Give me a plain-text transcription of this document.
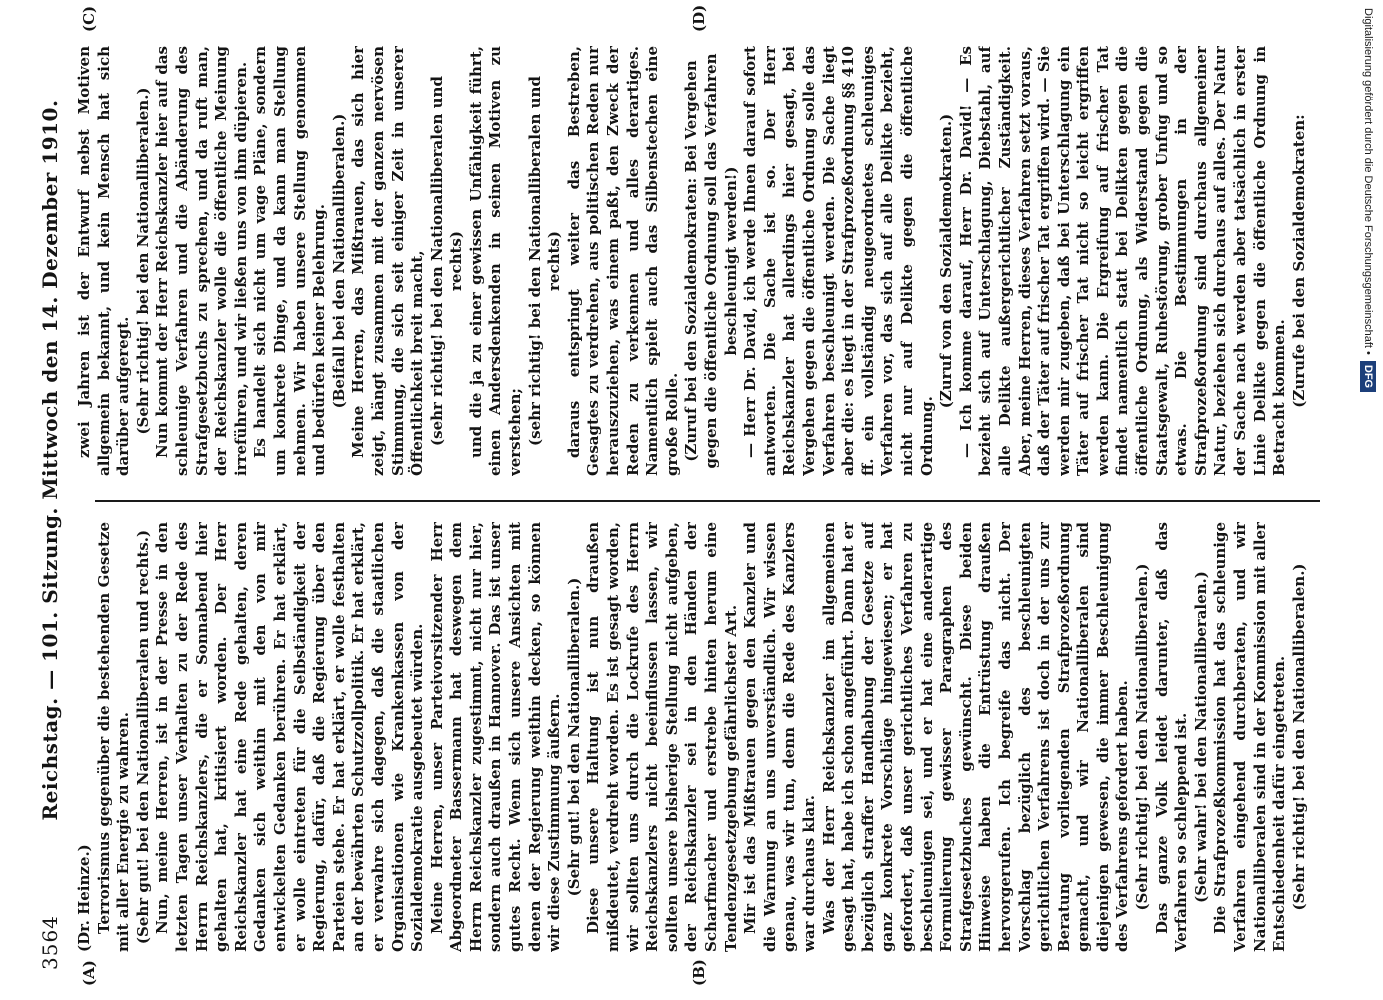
3564
Reichstag. — 101. Sitzung. Mittwoch den 14. Dezember 1910.
(A)	(B)
(C)	(D)

(Dr. Heinze.) Terrorismus gegenüber die bestehenden Gesetze mit aller Energie zu wahren. (Sehr gut! bei den Nationalliberalen und rechts.) Nun, meine Herren, ist in der Presse in den letzten Tagen unser Verhalten zu der Rede des Herrn Reichskanzlers, die er Sonnabend hier gehalten hat, kritisiert worden. Der Herr Reichskanzler hat eine Rede gehalten, deren Gedanken sich weithin mit den von mir entwickelten Gedanken berühren. Er hat erklärt, er wolle eintreten für die Selbständigkeit der Regierung, dafür, daß die Regierung über den Parteien stehe. Er hat erklärt, er wolle festhalten an der bewährten Schutzzollpolitik. Er hat erklärt, er verwahre sich dagegen, daß die staatlichen Organisationen wie Krankenkassen von der Sozialdemokratie ausgebeutet würden. Meine Herren, unser Parteivorsitzender Herr Abgeordneter Bassermann hat deswegen dem Herrn Reichskanzler zugestimmt, nicht nur hier, sondern auch draußen in Hannover. Das ist unser gutes Recht. Wenn sich unsere Ansichten mit denen der Regierung weithin decken, so können wir diese Zustimmung äußern. (Sehr gut! bei den Nationalliberalen.) Diese unsere Haltung ist nun draußen mißdeutet, verdreht worden. Es ist gesagt worden, wir sollten uns durch die Lockrufe des Herrn Reichskanzlers nicht beeinflussen lassen, wir sollten unsere bisherige Stellung nicht aufgeben, der Reichskanzler sei in den Händen der Scharfmacher und erstrebe hinten herum eine Tendenzgesetzgebung gefährlichster Art. Mir ist das Mißtrauen gegen den Kanzler und die Warnung an uns unverständlich. Wir wissen genau, was wir tun, denn die Rede des Kanzlers war durchaus klar. Was der Herr Reichskanzler im allgemeinen gesagt hat, habe ich schon angeführt. Dann hat er bezüglich straffer Handhabung der Gesetze auf ganz konkrete Vorschläge hingewiesen; er hat gefordert, daß unser gerichtliches Verfahren zu beschleunigen sei, und er hat eine anderartige Formulierung gewisser Paragraphen des Strafgesetzbuches gewünscht. Diese beiden Hinweise haben die Entrüstung draußen hervorgerufen. Ich begreife das nicht. Der Vorschlag bezüglich des beschleunigten gerichtlichen Verfahrens ist doch in der uns zur Beratung vorliegenden Strafprozeßordnung gemacht, und wir Nationalliberalen sind diejenigen gewesen, die immer Beschleunigung des Verfahrens gefordert haben. (Sehr richtig! bei den Nationalliberalen.) Das ganze Volk leidet darunter, daß das Verfahren so schleppend ist. (Sehr wahr! bei den Nationalliberalen.) Die Strafprozeßkommission hat das schleunige Verfahren eingehend durchberaten, und wir Nationalliberalen sind in der Kommission mit aller Entschiedenheit dafür eingetreten. (Sehr richtig! bei den Nationalliberalen.)

zwei Jahren ist der Entwurf nebst Motiven allgemein bekannt, und kein Mensch hat sich darüber aufgeregt. (Sehr richtig! bei den Nationalliberalen.) Nun kommt der Herr Reichskanzler hier auf das schleunige Verfahren und die Abänderung des Strafgesetzbuchs zu sprechen, und da ruft man, der Reichskanzler wolle die öffentliche Meinung irreführen, und wir ließen uns von ihm düpieren. Es handelt sich nicht um vage Pläne, sondern um konkrete Dinge, und da kann man Stellung nehmen. Wir haben unsere Stellung genommen und bedürfen keiner Belehrung. (Beifall bei den Nationalliberalen.) Meine Herren, das Mißtrauen, das sich hier zeigt, hängt zusammen mit der ganzen nervösen Stimmung, die sich seit einiger Zeit in unserer Öffentlichkeit breit macht, (sehr richtig! bei den Nationalliberalen und rechts) und die ja zu einer gewissen Unfähigkeit führt, einen Andersdenkenden in seinen Motiven zu verstehen; (sehr richtig! bei den Nationalliberalen und rechts) daraus entspringt weiter das Bestreben, Gesagtes zu verdrehen, aus politischen Reden nur herauszuziehen, was einem paßt, den Zweck der Reden zu verkennen und alles derartiges. Namentlich spielt auch das Silbenstechen eine große Rolle. (Zuruf bei den Sozialdemokraten: Bei Vergehen gegen die öffentliche Ordnung soll das Verfahren beschleunigt werden!) — Herr Dr. David, ich werde Ihnen darauf sofort antworten. Die Sache ist so. Der Herr Reichskanzler hat allerdings hier gesagt, bei Vergehen gegen die öffentliche Ordnung solle das Verfahren beschleunigt werden. Die Sache liegt aber die: es liegt in der Strafprozeßordnung §§ 410 ff. ein vollständig neugeordnetes schleuniges Verfahren vor, das sich auf alle Delikte bezieht, nicht nur auf Delikte gegen die öffentliche Ordnung.

(Zuruf von den Sozialdemokraten.) — Ich komme darauf, Herr Dr. David! — Es bezieht sich auf Unterschlagung, Diebstahl, auf alle Delikte außergerichtlicher Zuständigkeit. Aber, meine Herren, dieses Verfahren setzt voraus, daß der Täter auf frischer Tat ergriffen wird. — Sie werden mir zugeben, daß bei Unterschlagung ein Täter auf frischer Tat nicht so leicht ergriffen werden kann. Die Ergreifung auf frischer Tat findet namentlich statt bei Delikten gegen die öffentliche Ordnung, als Widerstand gegen die Staatsgewalt, Ruhestörung, grober Unfug und so etwas. Die Bestimmungen in der Strafprozeßordnung sind durchaus allgemeiner Natur, beziehen sich durchaus auf alles. Der Natur der Sache nach werden aber tatsächlich in erster Linie Delikte gegen die öffentliche Ordnung in Betracht kommen. (Zurufe bei den Sozialdemokraten:	Digitalisierung gefördert durch die Deutsche Forschungsgemeinschaft •
DFG
